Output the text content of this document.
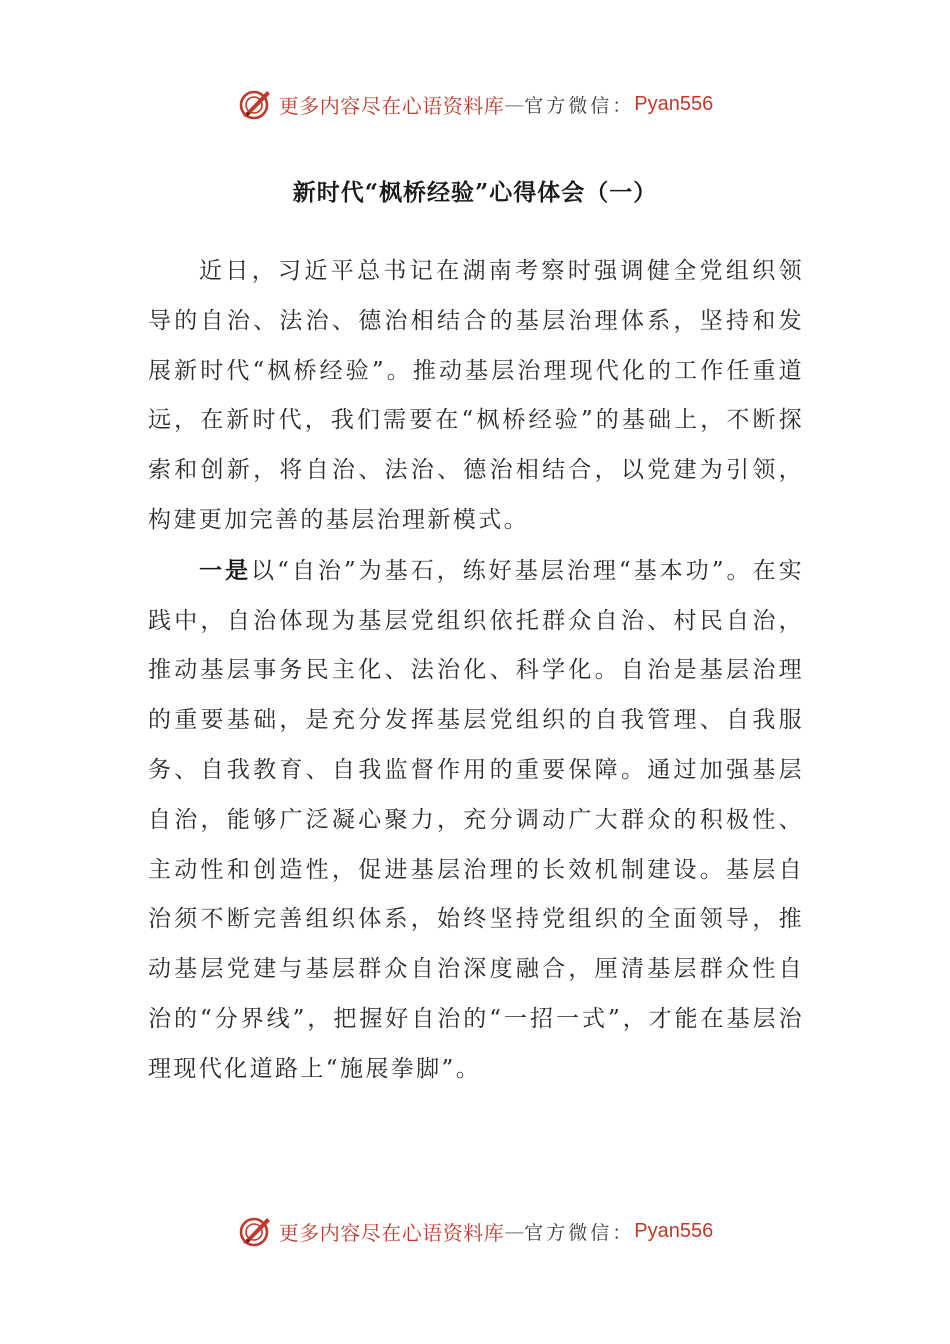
更多内容尽在心语资料库 — 官方微信： Pyan556
新时代“枫桥经验”心得体会（一）

近日，习近平总书记在湖南考察时强调健全党组织领导的自治、法治、德治相结合的基层治理体系，坚持和发展新时代“枫桥经验”。推动基层治理现代化的工作任重道远，在新时代，我们需要在“枫桥经验”的基础上，不断探索和创新，将自治、法治、德治相结合，以党建为引领，构建更加完善的基层治理新模式。

一是以“自治”为基石，练好基层治理“基本功”。在实践中，自治体现为基层党组织依托群众自治、村民自治，推动基层事务民主化、法治化、科学化。自治是基层治理的重要基础，是充分发挥基层党组织的自我管理、自我服务、自我教育、自我监督作用的重要保障。通过加强基层自治，能够广泛凝心聚力，充分调动广大群众的积极性、主动性和创造性，促进基层治理的长效机制建设。基层自治须不断完善组织体系，始终坚持党组织的全面领导，推动基层党建与基层群众自治深度融合，厘清基层群众性自治的“分界线”，把握好自治的“一招一式”，才能在基层治理现代化道路上“施展拳脚”。

更多内容尽在心语资料库 — 官方微信： Pyan556
